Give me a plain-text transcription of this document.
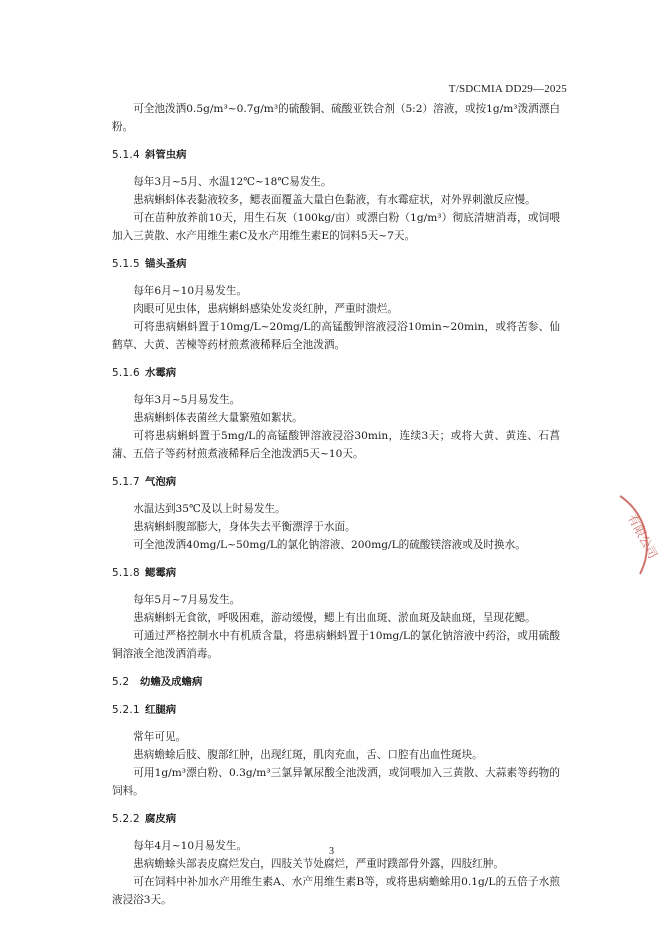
T/SDCMIA DD29—2025

可全池泼洒0.5g/m³~0.7g/m³的硫酸铜、硫酸亚铁合剂（5:2）溶液，或按1g/m³泼洒漂白粉。

5.1.4 斜管虫病

每年3月~5月、水温12℃~18℃易发生。

患病蝌蚪体表黏液较多，鳃表面覆盖大量白色黏液，有水霉症状，对外界刺激反应慢。

可在苗种放养前10天，用生石灰（100kg/亩）或漂白粉（1g/m³）彻底清塘消毒，或饲喂加入三黄散、水产用维生素C及水产用维生素E的饲料5天~7天。

5.1.5 锚头蚤病

每年6月~10月易发生。

肉眼可见虫体，患病蝌蚪感染处发炎红肿，严重时溃烂。

可将患病蝌蚪置于10mg/L~20mg/L的高锰酸钾溶液浸浴10min~20min，或将苦参、仙鹤草、大黄、苦楝等药材煎煮液稀释后全池泼洒。

5.1.6 水霉病

每年3月~5月易发生。

患病蝌蚪体表菌丝大量繁殖如絮状。

可将患病蝌蚪置于5mg/L的高锰酸钾溶液浸浴30min，连续3天；或将大黄、黄连、石菖蒲、五倍子等药材煎煮液稀释后全池泼洒5天~10天。

5.1.7 气泡病

水温达到35℃及以上时易发生。

患病蝌蚪腹部膨大，身体失去平衡漂浮于水面。

可全池泼洒40mg/L~50mg/L的氯化钠溶液、200mg/L的硫酸镁溶液或及时换水。

5.1.8 鳃霉病

每年5月~7月易发生。

患病蝌蚪无食欲，呼吸困难，游动缓慢，鳃上有出血斑、淤血斑及缺血斑，呈现花鳃。

可通过严格控制水中有机质含量，将患病蝌蚪置于10mg/L的氯化钠溶液中药浴，或用硫酸铜溶液全池泼洒消毒。

5.2 幼蟾及成蟾病
5.2.1 红腿病

常年可见。

患病蟾蜍后肢、腹部红肿，出现红斑，肌肉充血，舌、口腔有出血性斑块。

可用1g/m³漂白粉、0.3g/m³三氯异氰尿酸全池泼洒，或饲喂加入三黄散、大蒜素等药物的饲料。

5.2.2 腐皮病

每年4月~10月易发生。

患病蟾蜍头部表皮腐烂发白，四肢关节处腐烂，严重时蹼部骨外露，四肢红肿。

可在饲料中补加水产用维生素A、水产用维生素B等，或将患病蟾蜍用0.1g/L的五倍子水煎液浸浴3天。

3
有限公司
